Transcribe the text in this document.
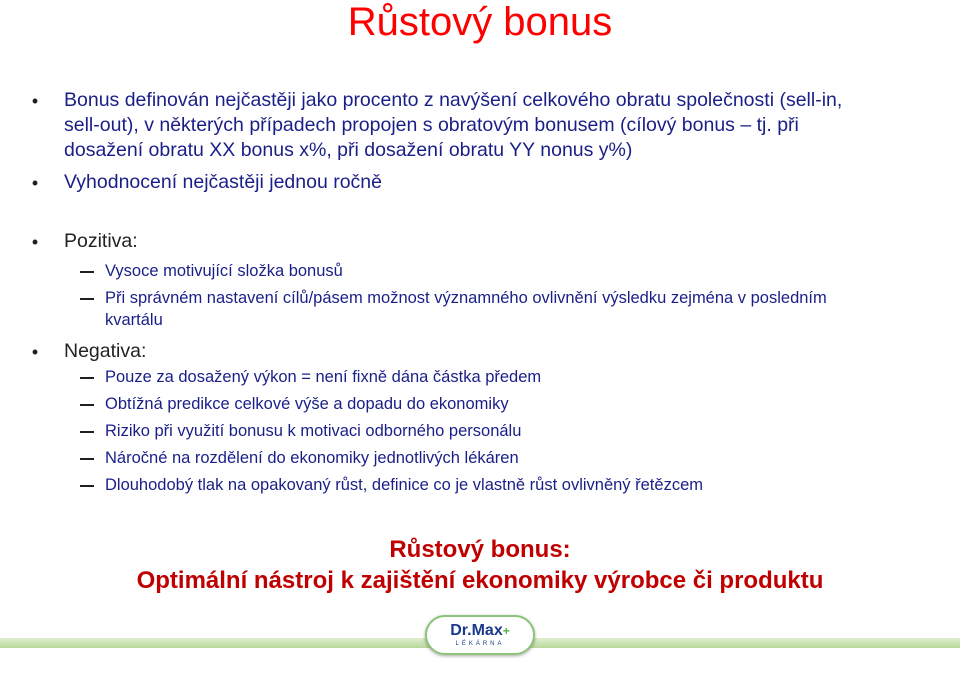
Růstový bonus
• Bonus definován nejčastěji jako procento z navýšení celkového obratu společnosti (sell-in,
sell-out), v některých případech propojen s obratovým bonusem (cílový bonus – tj. při
dosažení obratu XX bonus x%, při dosažení obratu YY nonus y%)
• Vyhodnocení nejčastěji jednou ročně
• Pozitiva:
Vysoce motivující složka bonusů
Při správném nastavení cílů/pásem možnost významného ovlivnění výsledku zejména v posledním
kvartálu
• Negativa:
Pouze za dosažený výkon = není fixně dána částka předem
Obtížná predikce celkové výše a dopadu do ekonomiky
Riziko při využití bonusu k motivaci odborného personálu
Náročné na rozdělení do ekonomiky jednotlivých lékáren
Dlouhodobý tlak na opakovaný růst, definice co je vlastně růst ovlivněný řetězcem
Růstový bonus:
Optimální nástroj k zajištění ekonomiky výrobce či produktu
Dr.Max+
LÉKÁRNA
